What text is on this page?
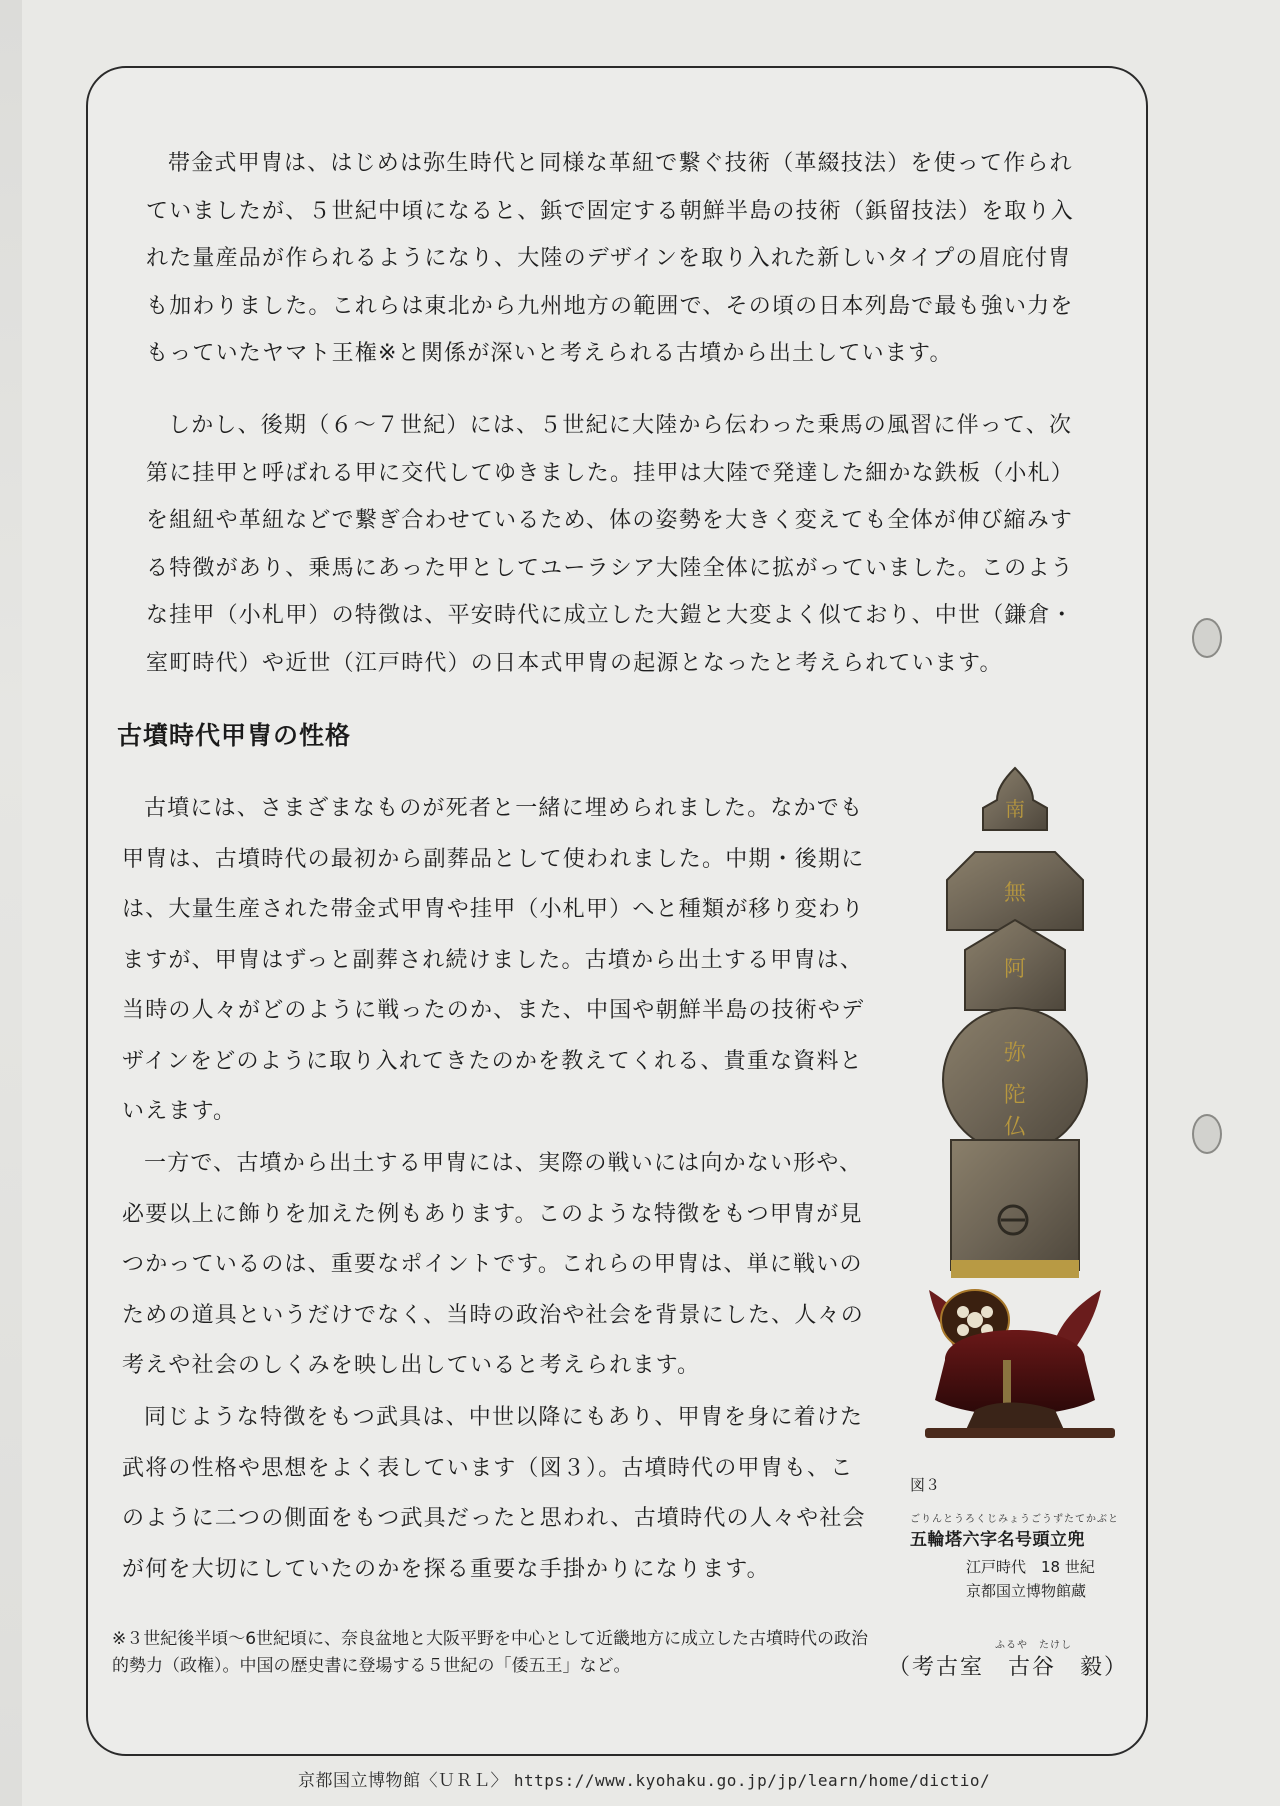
帯金式甲冑は、はじめは弥生時代と同様な革紐で繋ぐ技術（革綴技法）を使って作られていましたが、５世紀中頃になると、鋲で固定する朝鮮半島の技術（鋲留技法）を取り入れた量産品が作られるようになり、大陸のデザインを取り入れた新しいタイプの眉庇付冑も加わりました。これらは東北から九州地方の範囲で、その頃の日本列島で最も強い力をもっていたヤマト王権※と関係が深いと考えられる古墳から出土しています。

しかし、後期（６～７世紀）には、５世紀に大陸から伝わった乗馬の風習に伴って、次第に挂甲と呼ばれる甲に交代してゆきました。挂甲は大陸で発達した細かな鉄板（小札）を組紐や革紐などで繋ぎ合わせているため、体の姿勢を大きく変えても全体が伸び縮みする特徴があり、乗馬にあった甲としてユーラシア大陸全体に拡がっていました。このような挂甲（小札甲）の特徴は、平安時代に成立した大鎧と大変よく似ており、中世（鎌倉・室町時代）や近世（江戸時代）の日本式甲冑の起源となったと考えられています。

古墳時代甲冑の性格

古墳には、さまざまなものが死者と一緒に埋められました。なかでも甲冑は、古墳時代の最初から副葬品として使われました。中期・後期には、大量生産された帯金式甲冑や挂甲（小札甲）へと種類が移り変わりますが、甲冑はずっと副葬され続けました。古墳から出土する甲冑は、当時の人々がどのように戦ったのか、また、中国や朝鮮半島の技術やデザインをどのように取り入れてきたのかを教えてくれる、貴重な資料といえます。

一方で、古墳から出土する甲冑には、実際の戦いには向かない形や、必要以上に飾りを加えた例もあります。このような特徴をもつ甲冑が見つかっているのは、重要なポイントです。これらの甲冑は、単に戦いのための道具というだけでなく、当時の政治や社会を背景にした、人々の考えや社会のしくみを映し出していると考えられます。

同じような特徴をもつ武具は、中世以降にもあり、甲冑を身に着けた武将の性格や思想をよく表しています（図３）。古墳時代の甲冑も、このように二つの側面をもつ武具だったと思われ、古墳時代の人々や社会が何を大切にしていたのかを探る重要な手掛かりになります。

南
無
阿
弥
陀
仏

図３

ごりんとうろくじみょうごうずたてかぶと

五輪塔六字名号頭立兜

江戸時代　18 世紀

京都国立博物館蔵

※３世紀後半頃～6世紀頃に、奈良盆地と大阪平野を中心として近畿地方に成立した古墳時代の政治的勢力（政権）。中国の歴史書に登場する５世紀の「倭五王」など。

ふるや　たけし

（考古室　古谷　毅）

京都国立博物館〈ＵＲＬ〉 https://www.kyohaku.go.jp/jp/learn/home/dictio/
